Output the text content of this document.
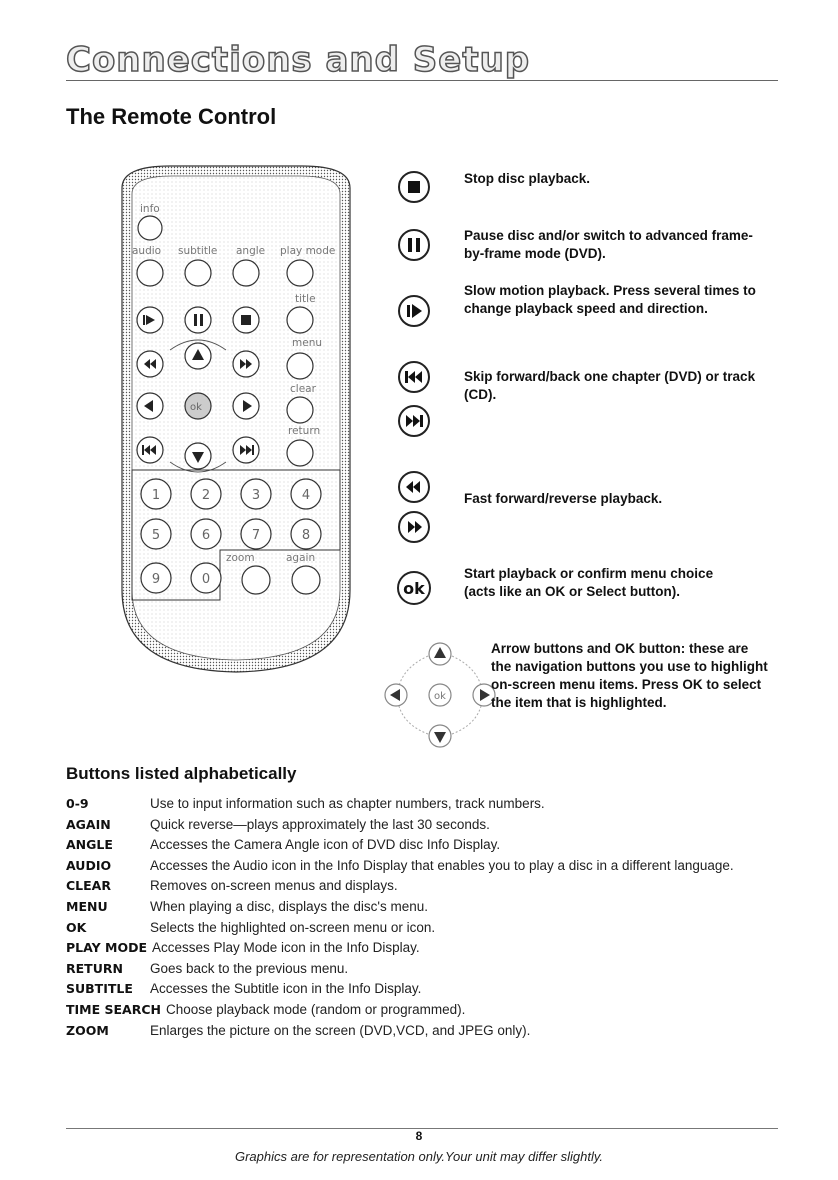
Connections and Setup
The Remote Control
info
audio subtitle angle play mode
title
menu
clear
return
zoom	again
ok
1	2	3	4
5	6	7	8
9	0
Stop disc playback.
Pause disc and/or switch to advanced frame-by-frame mode (DVD).
Slow motion playback. Press several times to change playback speed and direction.
Skip forward/back one chapter (DVD) or track (CD).
Fast forward/reverse playback.
ok
Start playback or confirm menu choice (acts like an OK or Select button).
ok
Arrow buttons and OK button: these are the navigation buttons you use to highlight on-screen menu items. Press OK to select the item that is highlighted.
Buttons listed alphabetically
0-9	Use to input information such as chapter numbers, track numbers.
AGAIN	Quick reverse—plays approximately the last 30 seconds.
ANGLE	Accesses the Camera Angle icon of DVD disc Info Display.
AUDIO	Accesses the Audio icon in the Info Display that enables you to play a disc in a different language.
CLEAR	Removes on-screen menus and displays.
MENU	When playing a disc, displays the disc's menu.
OK	Selects the highlighted on-screen menu or icon.
PLAY MODE Accesses Play Mode icon in the Info Display.
RETURN	Goes back to the previous menu.
SUBTITLE	Accesses the Subtitle icon in the Info Display.
TIME SEARCH Choose playback mode (random or programmed).
ZOOM	Enlarges the picture on the screen (DVD,VCD, and JPEG only).
8
Graphics are for representation only.Your unit may differ slightly.
